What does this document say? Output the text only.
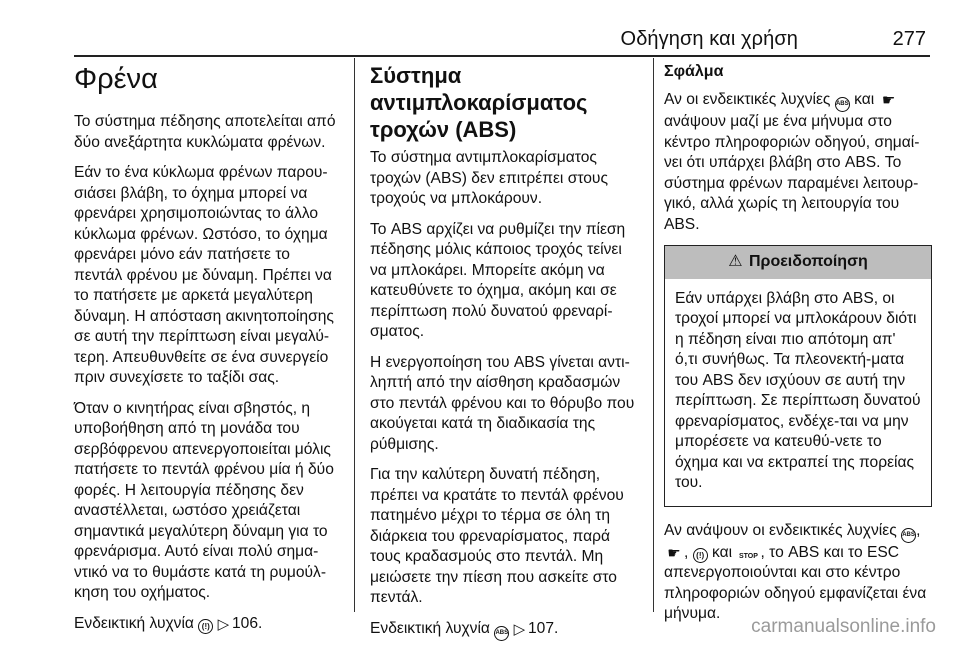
Οδήγηση και χρήση	277
Φρένα

Το σύστημα πέδησης αποτελείται από δύο ανεξάρτητα κυκλώματα φρένων.

Εάν το ένα κύκλωμα φρένων παρου-σιάσει βλάβη, το όχημα μπορεί να φρενάρει χρησιμοποιώντας το άλλο κύκλωμα φρένων. Ωστόσο, το όχημα φρενάρει μόνο εάν πατήσετε το πεντάλ φρένου με δύναμη. Πρέπει να το πατήσετε με αρκετά μεγαλύτερη δύναμη. Η απόσταση ακινητοποίησης σε αυτή την περίπτωση είναι μεγαλύ-τερη. Απευθυνθείτε σε ένα συνεργείο πριν συνεχίσετε το ταξίδι σας.

Όταν ο κινητήρας είναι σβηστός, η υποβοήθηση από τη μονάδα του σερβόφρενου απενεργοποιείται μόλις πατήσετε το πεντάλ φρένου μία ή δύο φορές. Η λειτουργία πέδησης δεν αναστέλλεται, ωστόσο χρειάζεται σημαντικά μεγαλύτερη δύναμη για το φρενάρισμα. Αυτό είναι πολύ σημα-ντικό να το θυμάστε κατά τη ρυμούλ-κηση του οχήματος.

Ενδεικτική λυχνία (!) ▷ 106.

Σύστημα αντιμπλοκαρίσματος τροχών (ABS)

Το σύστημα αντιμπλοκαρίσματος τροχών (ABS) δεν επιτρέπει στους τροχούς να μπλοκάρουν.

Το ABS αρχίζει να ρυθμίζει την πίεση πέδησης μόλις κάποιος τροχός τείνει να μπλοκάρει. Μπορείτε ακόμη να κατευθύνετε το όχημα, ακόμη και σε περίπτωση πολύ δυνατού φρεναρί-σματος.

Η ενεργοποίηση του ABS γίνεται αντι-ληπτή από την αίσθηση κραδασμών στο πεντάλ φρένου και το θόρυβο που ακούγεται κατά τη διαδικασία της ρύθμισης.

Για την καλύτερη δυνατή πέδηση, πρέπει να κρατάτε το πεντάλ φρένου πατημένο μέχρι το τέρμα σε όλη τη διάρκεια του φρεναρίσματος, παρά τους κραδασμούς στο πεντάλ. Μη μειώσετε την πίεση που ασκείτε στο πεντάλ.

Ενδεικτική λυχνία ABS ▷ 107.

Σφάλμα

Αν οι ενδεικτικές λυχνίες ABS και ☛ ανάψουν μαζί με ένα μήνυμα στο κέντρο πληροφοριών οδηγού, σημαί-νει ότι υπάρχει βλάβη στο ABS. Το σύστημα φρένων παραμένει λειτουρ-γικό, αλλά χωρίς τη λειτουργία του ABS.

⚠ Προειδοποίηση
Εάν υπάρχει βλάβη στο ABS, οι τροχοί μπορεί να μπλοκάρουν διότι η πέδηση είναι πιο απότομη απ' ό,τι συνήθως. Τα πλεονεκτή-ματα του ABS δεν ισχύουν σε αυτή την περίπτωση. Σε περίπτωση δυνατού φρεναρίσματος, ενδέχε-ται να μην μπορέσετε να κατευθύ-νετε το όχημα και να εκτραπεί της πορείας του.

Αν ανάψουν οι ενδεικτικές λυχνίες ABS, ☛ , (!) και STOP , το ABS και το ESC απενεργοποιούνται και στο κέντρο πληροφοριών οδηγού εμφανίζεται ένα μήνυμα.

carmanualsonline.info
